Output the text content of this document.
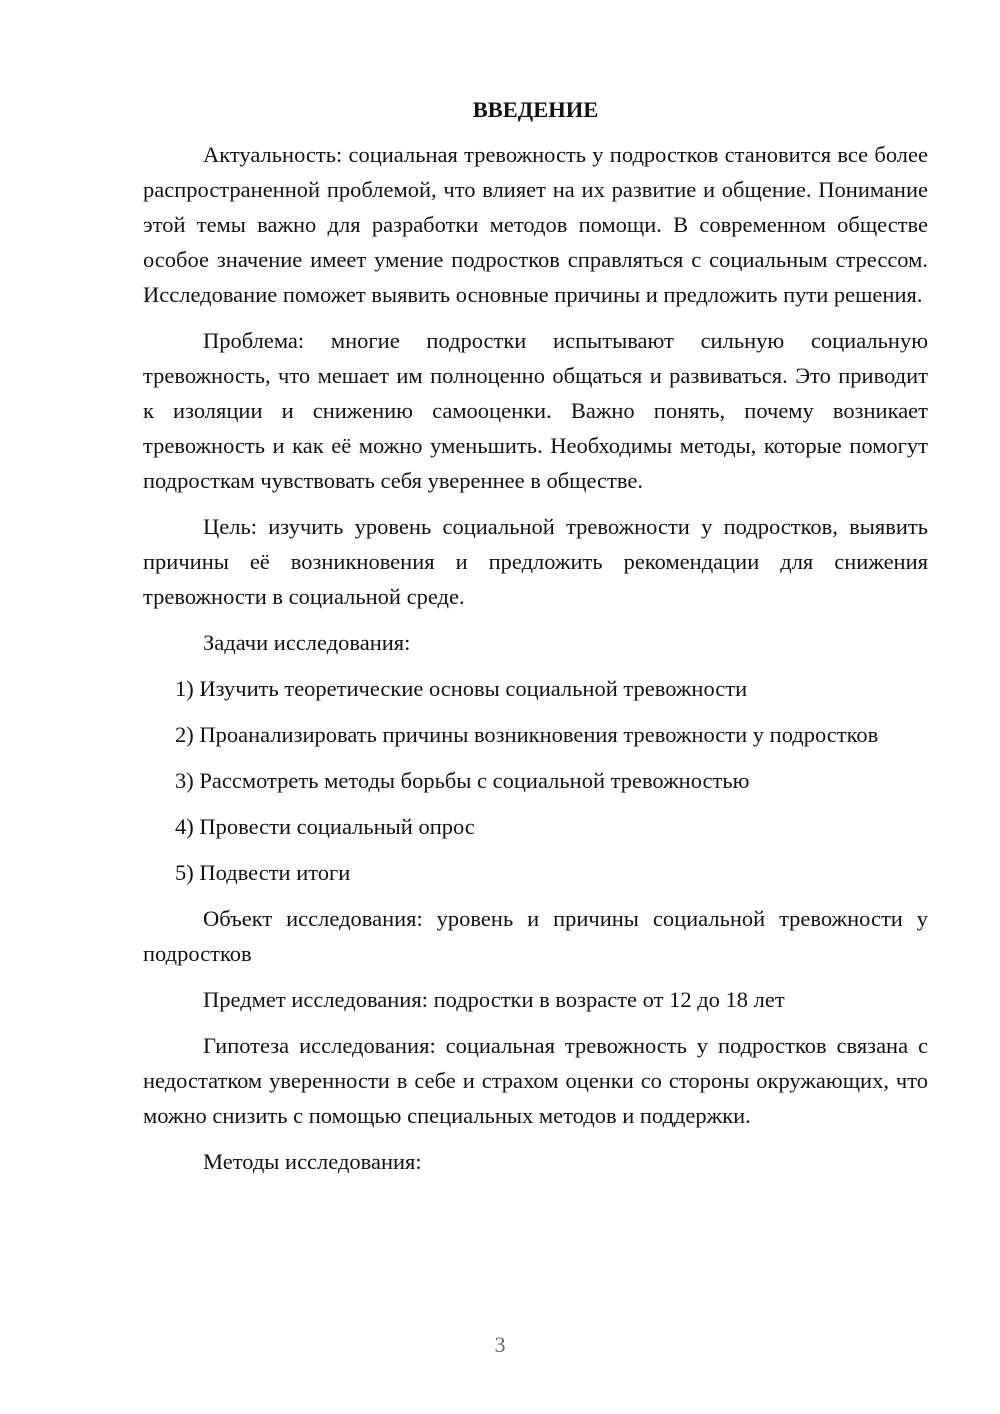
ВВЕДЕНИЕ

Актуальность: социальная тревожность у подростков становится все более распространенной проблемой, что влияет на их развитие и общение. Понимание этой темы важно для разработки методов помощи. В современном обществе особое значение имеет умение подростков справляться с социальным стрессом. Исследование поможет выявить основные причины и предложить пути решения.

Проблема: многие подростки испытывают сильную социальную тревожность, что мешает им полноценно общаться и развиваться. Это приводит к изоляции и снижению самооценки. Важно понять, почему возникает тревожность и как её можно уменьшить. Необходимы методы, которые помогут подросткам чувствовать себя увереннее в обществе.

Цель: изучить уровень социальной тревожности у подростков, выявить причины её возникновения и предложить рекомендации для снижения тревожности в социальной среде.

Задачи исследования:

1) Изучить теоретические основы социальной тревожности

2) Проанализировать причины возникновения тревожности у подростков

3) Рассмотреть методы борьбы с социальной тревожностью

4) Провести социальный опрос

5) Подвести итоги

Объект исследования: уровень и причины социальной тревожности у подростков

Предмет исследования: подростки в возрасте от 12 до 18 лет

Гипотеза исследования: социальная тревожность у подростков связана с недостатком уверенности в себе и страхом оценки со стороны окружающих, что можно снизить с помощью специальных методов и поддержки.

Методы исследования:

3
